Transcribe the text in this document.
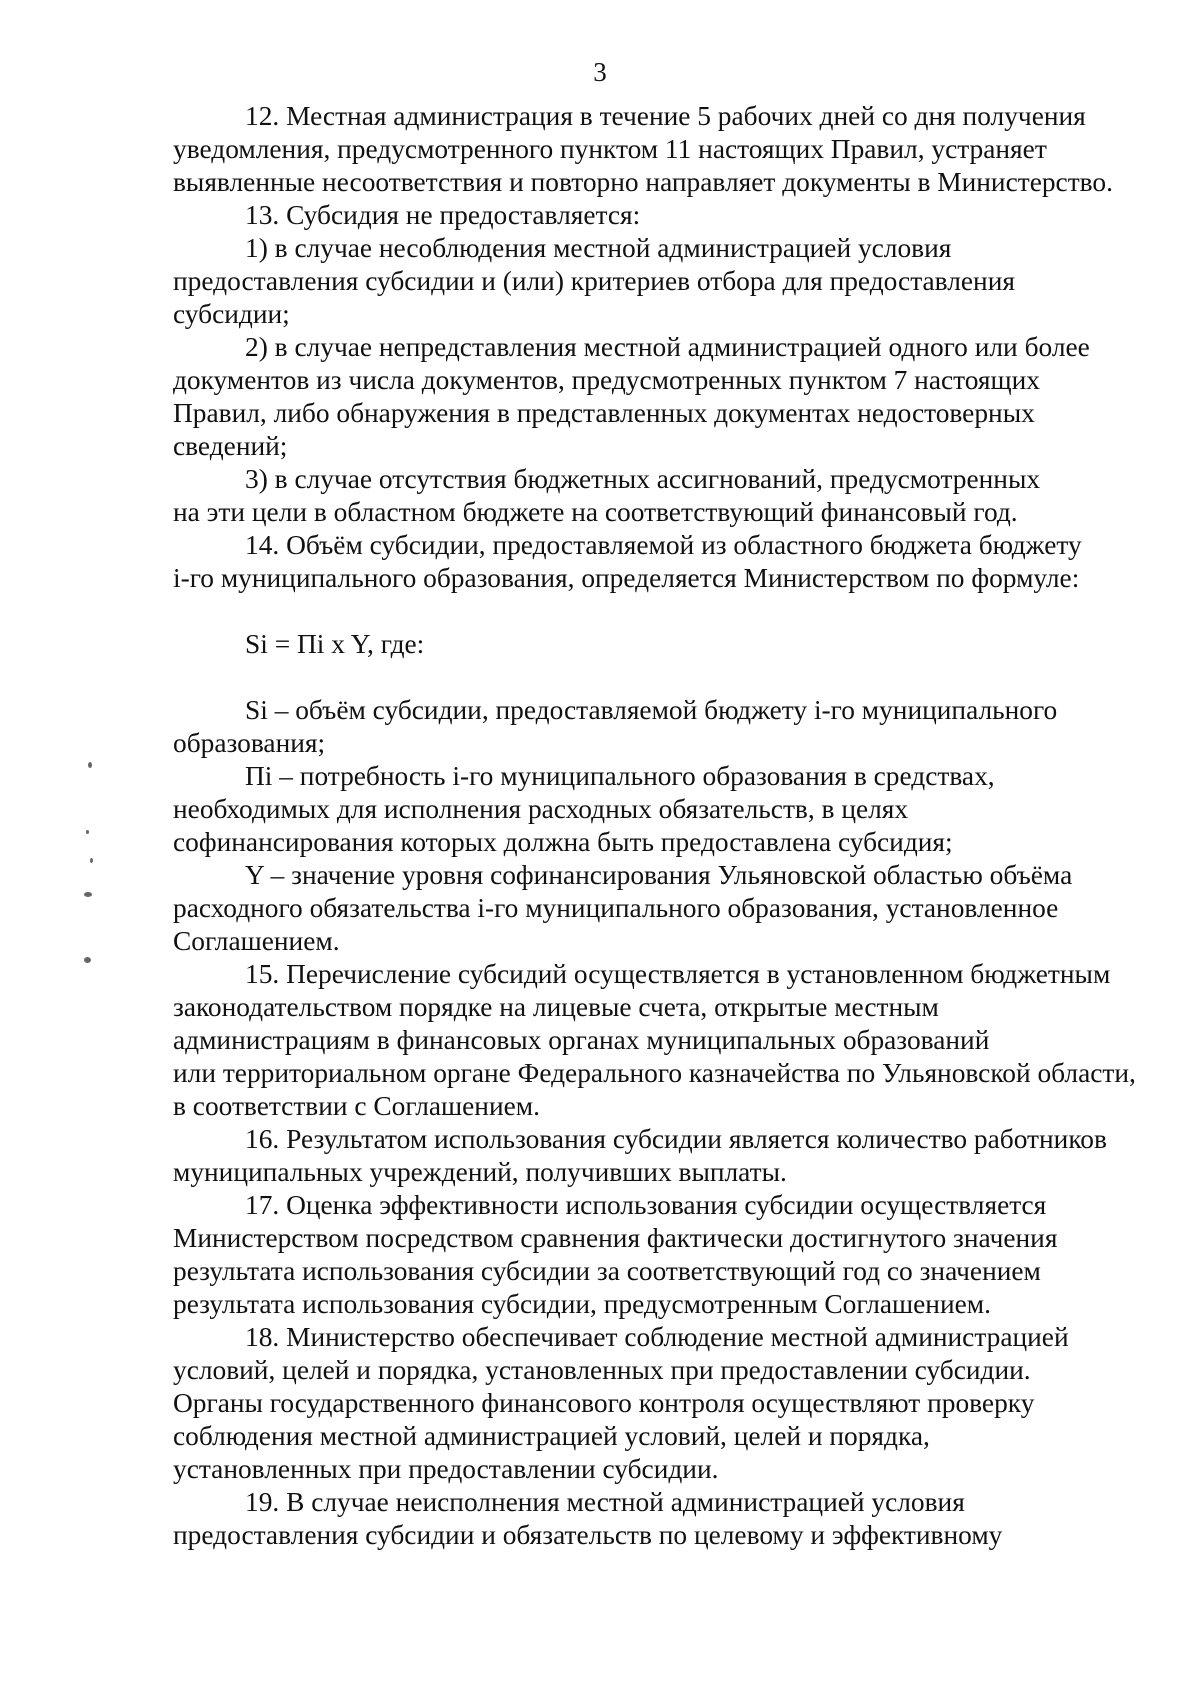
3

12. Местная администрация в течение 5 рабочих дней со дня получения
уведомления, предусмотренного пунктом 11 настоящих Правил, устраняет
выявленные несоответствия и повторно направляет документы в Министерство.

13. Субсидия не предоставляется:

1) в случае несоблюдения местной администрацией условия
предоставления субсидии и (или) критериев отбора для предоставления
субсидии;

2) в случае непредставления местной администрацией одного или более
документов из числа документов, предусмотренных пунктом 7 настоящих
Правил, либо обнаружения в представленных документах недостоверных
сведений;

3) в случае отсутствия бюджетных ассигнований, предусмотренных
на эти цели в областном бюджете на соответствующий финансовый год.

14. Объём субсидии, предоставляемой из областного бюджета бюджету
i-го муниципального образования, определяется Министерством по формуле:

Si = Пi x Y, где:

Si – объём субсидии, предоставляемой бюджету i-го муниципального
образования;

Пi – потребность i-го муниципального образования в средствах,
необходимых для исполнения расходных обязательств, в целях
софинансирования которых должна быть предоставлена субсидия;

Y – значение уровня софинансирования Ульяновской областью объёма
расходного обязательства i-го муниципального образования, установленное
Соглашением.

15. Перечисление субсидий осуществляется в установленном бюджетным
законодательством порядке на лицевые счета, открытые местным
администрациям в финансовых органах муниципальных образований
или территориальном органе Федерального казначейства по Ульяновской области,
в соответствии с Соглашением.

16. Результатом использования субсидии является количество работников
муниципальных учреждений, получивших выплаты.

17. Оценка эффективности использования субсидии осуществляется
Министерством посредством сравнения фактически достигнутого значения
результата использования субсидии за соответствующий год со значением
результата использования субсидии, предусмотренным Соглашением.

18. Министерство обеспечивает соблюдение местной администрацией
условий, целей и порядка, установленных при предоставлении субсидии.
Органы государственного финансового контроля осуществляют проверку
соблюдения местной администрацией условий, целей и порядка,
установленных при предоставлении субсидии.

19. В случае неисполнения местной администрацией условия
предоставления субсидии и обязательств по целевому и эффективному
